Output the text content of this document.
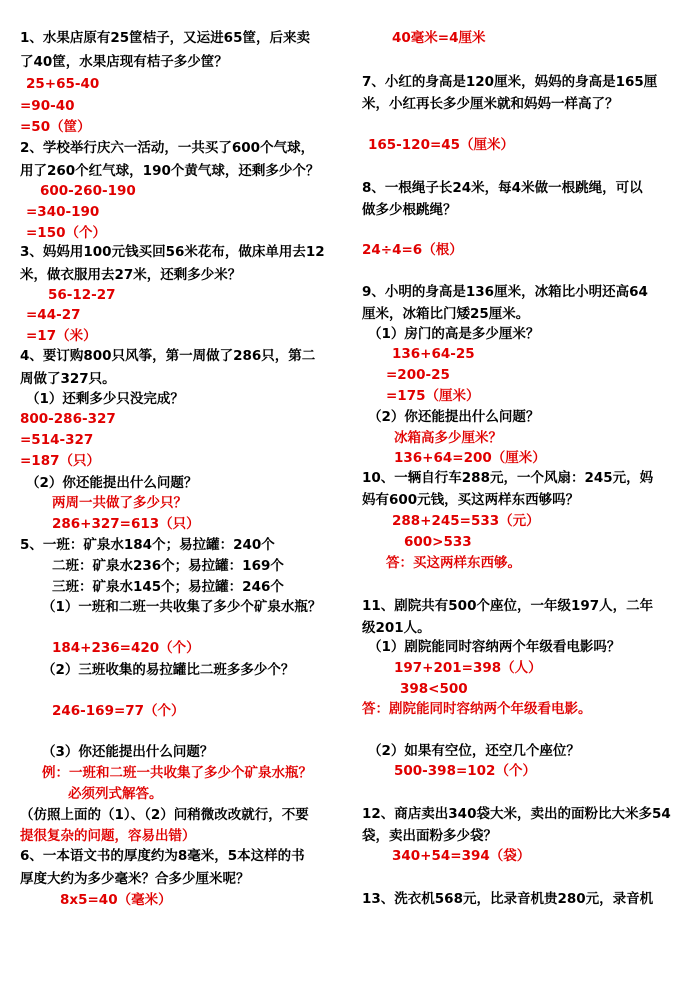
1、水果店原有25筐桔子，又运进65筐，后来卖
了40筐，水果店现有桔子多少筐？
25+65-40
=90-40
=50（筐）
2、学校举行庆六一活动，一共买了600个气球，
用了260个红气球，190个黄气球，还剩多少个？
600-260-190
=340-190
=150（个）
3、妈妈用100元钱买回56米花布，做床单用去12
米，做衣服用去27米，还剩多少米？
56-12-27
=44-27
=17（米）
4、要订购800只风筝，第一周做了286只，第二
周做了327只。
（1）还剩多少只没完成？
800-286-327
=514-327
=187（只）
（2）你还能提出什么问题？
两周一共做了多少只？
286+327=613（只）
5、一班：矿泉水184个；易拉罐：240个
二班：矿泉水236个；易拉罐：169个
三班：矿泉水145个；易拉罐：246个
（1）一班和二班一共收集了多少个矿泉水瓶？
184+236=420（个）
（2）三班收集的易拉罐比二班多多少个？
246-169=77（个）
（3）你还能提出什么问题？
例：一班和二班一共收集了多少个矿泉水瓶？
必须列式解答。
（仿照上面的（1）、（2）问稍微改改就行，不要
提很复杂的问题，容易出错）
6、一本语文书的厚度约为8毫米，5本这样的书
厚度大约为多少毫米？合多少厘米呢？
8x5=40（毫米）
40毫米=4厘米
7、小红的身高是120厘米，妈妈的身高是165厘
米，小红再长多少厘米就和妈妈一样高了？
165-120=45（厘米）
8、一根绳子长24米，每4米做一根跳绳，可以
做多少根跳绳？
24÷4=6（根）
9、小明的身高是136厘米，冰箱比小明还高64
厘米，冰箱比门矮25厘米。
（1）房门的高是多少厘米？
136+64-25
=200-25
=175（厘米）
（2）你还能提出什么问题？
冰箱高多少厘米？
136+64=200（厘米）
10、一辆自行车288元，一个风扇：245元，妈
妈有600元钱，买这两样东西够吗？
288+245=533（元）
600>533
答：买这两样东西够。
11、剧院共有500个座位，一年级197人，二年
级201人。
（1）剧院能同时容纳两个年级看电影吗？
197+201=398（人）
398<500
答：剧院能同时容纳两个年级看电影。
（2）如果有空位，还空几个座位？
500-398=102（个）
12、商店卖出340袋大米，卖出的面粉比大米多54
袋，卖出面粉多少袋？
340+54=394（袋）
13、洗衣机568元，比录音机贵280元，录音机
